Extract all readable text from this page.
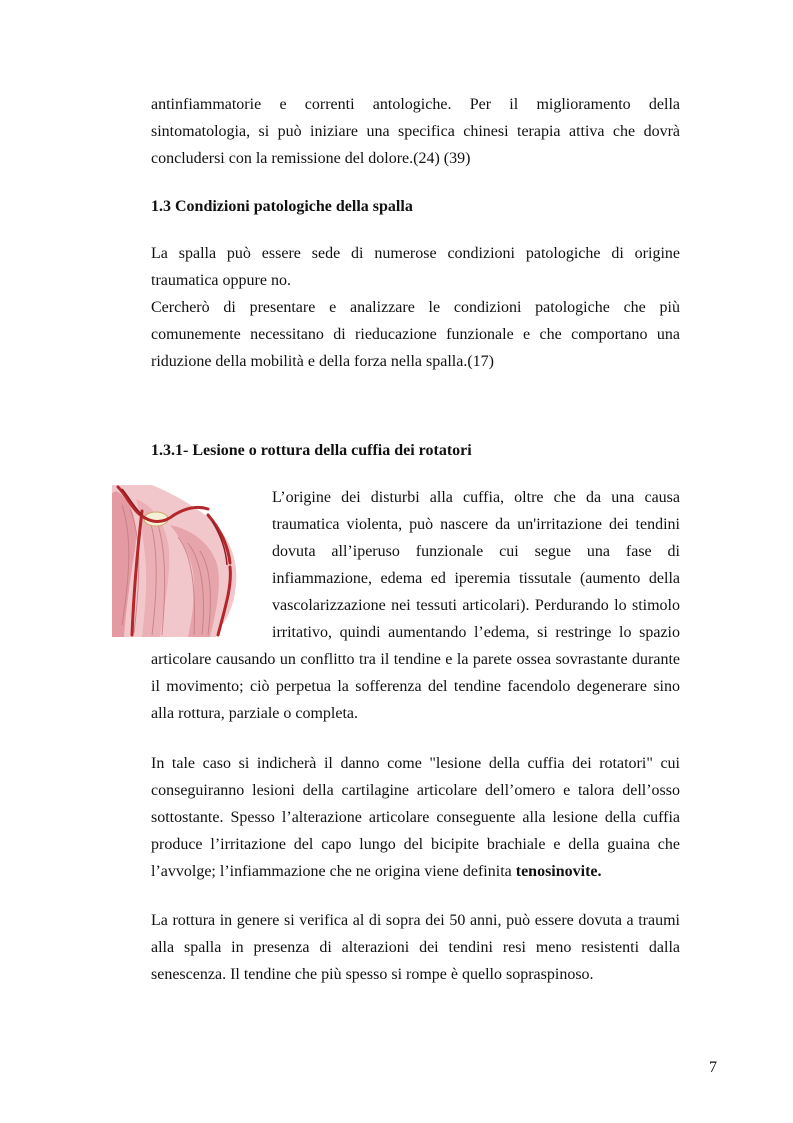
antinfiammatorie e correnti antologiche. Per il miglioramento della
sintomatologia, si può iniziare una specifica chinesi terapia attiva che dovrà
concludersi con la remissione del dolore.(24) (39)
1.3 Condizioni patologiche della spalla
La spalla può essere sede di numerose condizioni patologiche di origine
traumatica oppure no.
Cercherò di presentare e analizzare le condizioni patologiche che più
comunemente necessitano di rieducazione funzionale e che comportano una
riduzione della mobilità e della forza nella spalla.(17)
1.3.1- Lesione o rottura della cuffia dei rotatori
L’origine dei disturbi alla cuffia, oltre che da una causa
traumatica violenta, può nascere da un'irritazione dei tendini
dovuta all’iperuso funzionale cui segue una fase di
infiammazione, edema ed iperemia tissutale (aumento della
vascolarizzazione nei tessuti articolari). Perdurando lo stimolo
irritativo, quindi aumentando l’edema, si restringe lo spazio
articolare causando un conflitto tra il tendine e la parete ossea sovrastante durante
il movimento; ciò perpetua la sofferenza del tendine facendolo degenerare sino
alla rottura, parziale o completa.
In tale caso si indicherà il danno come "lesione della cuffia dei rotatori" cui
conseguiranno lesioni della cartilagine articolare dell’omero e talora dell’osso
sottostante. Spesso l’alterazione articolare conseguente alla lesione della cuffia
produce l’irritazione del capo lungo del bicipite brachiale e della guaina che
l’avvolge; l’infiammazione che ne origina viene definita tenosinovite.
La rottura in genere si verifica al di sopra dei 50 anni, può essere dovuta a traumi
alla spalla in presenza di alterazioni dei tendini resi meno resistenti dalla
senescenza. Il tendine che più spesso si rompe è quello sopraspinoso.
7
